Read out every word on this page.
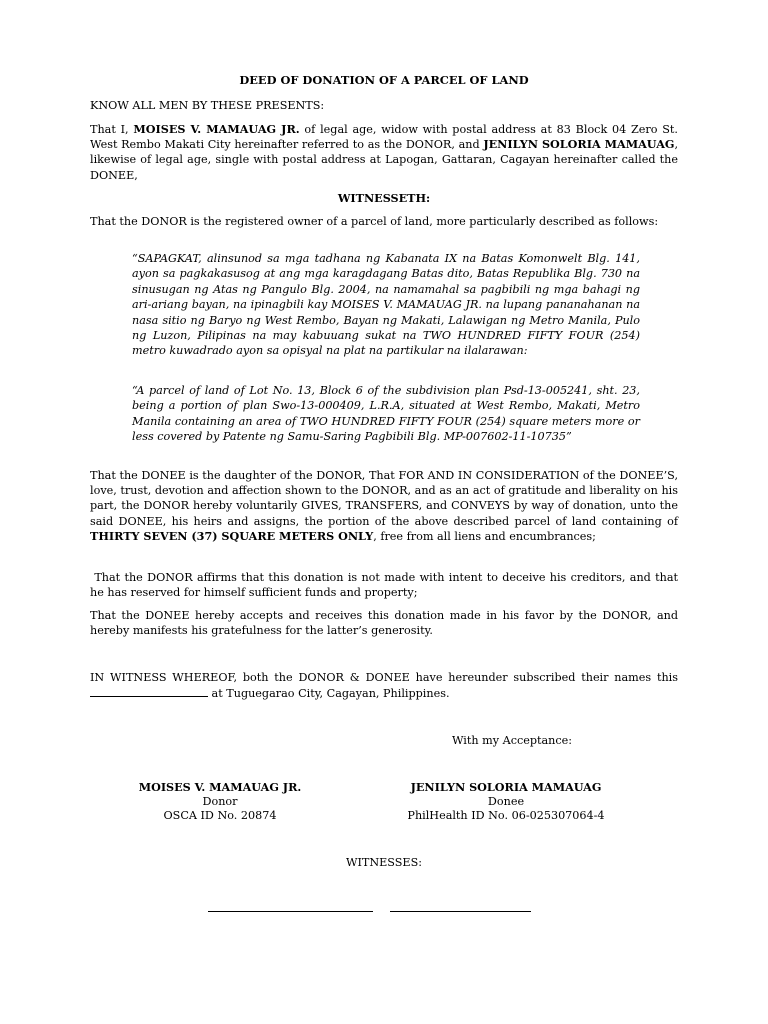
DEED OF DONATION OF A PARCEL OF LAND
KNOW ALL MEN BY THESE PRESENTS:
That I, MOISES V. MAMAUAG JR. of legal age, widow with postal address at 83 Block 04 Zero St. West Rembo Makati City hereinafter referred to as the DONOR, and JENILYN SOLORIA MAMAUAG, likewise of legal age, single with postal address at Lapogan, Gattaran, Cagayan hereinafter called the DONEE,
WITNESSETH:
That the DONOR is the registered owner of a parcel of land, more particularly described as follows:
“SAPAGKAT, alinsunod sa mga tadhana ng Kabanata IX na Batas Komonwelt Blg. 141, ayon sa pagkakasusog at ang mga karagdagang Batas dito, Batas Republika Blg. 730 na sinusugan ng Atas ng Pangulo Blg. 2004, na namamahal sa pagbibili ng mga bahagi ng ari-ariang bayan, na ipinagbili kay MOISES V. MAMAUAG JR. na lupang pananahanan na nasa sitio ng Baryo ng West Rembo, Bayan ng Makati, Lalawigan ng Metro Manila, Pulo ng Luzon, Pilipinas na may kabuuang sukat na TWO HUNDRED FIFTY FOUR (254) metro kuwadrado ayon sa opisyal na plat na partikular na ilalarawan:
“A parcel of land of Lot No. 13, Block 6 of the subdivision plan Psd-13-005241, sht. 23, being a portion of plan Swo-13-000409, L.R.A, situated at West Rembo, Makati, Metro Manila containing an area of TWO HUNDRED FIFTY FOUR (254) square meters more or less covered by Patente ng Samu-Saring Pagbibili Blg. MP-007602-11-10735”
That the DONEE is the daughter of the DONOR, That FOR AND IN CONSIDERATION of the DONEE’S, love, trust, devotion and affection shown to the DONOR, and as an act of gratitude and liberality on his part, the DONOR hereby voluntarily GIVES, TRANSFERS, and CONVEYS by way of donation, unto the said DONEE, his heirs and assigns, the portion of the above described parcel of land containing of THIRTY SEVEN (37) SQUARE METERS ONLY, free from all liens and encumbrances;
That the DONOR affirms that this donation is not made with intent to deceive his creditors, and that he has reserved for himself sufficient funds and property;
That the DONEE hereby accepts and receives this donation made in his favor by the DONOR, and hereby manifests his gratefulness for the latter’s generosity.
IN WITNESS WHEREOF, both the DONOR & DONEE have hereunder subscribed their names this  at Tuguegarao City, Cagayan, Philippines.
With my Acceptance:
MOISES V. MAMAUAG JR.
Donor
OSCA ID No. 20874
JENILYN SOLORIA MAMAUAG
Donee
PhilHealth ID No. 06-025307064-4
WITNESSES:
